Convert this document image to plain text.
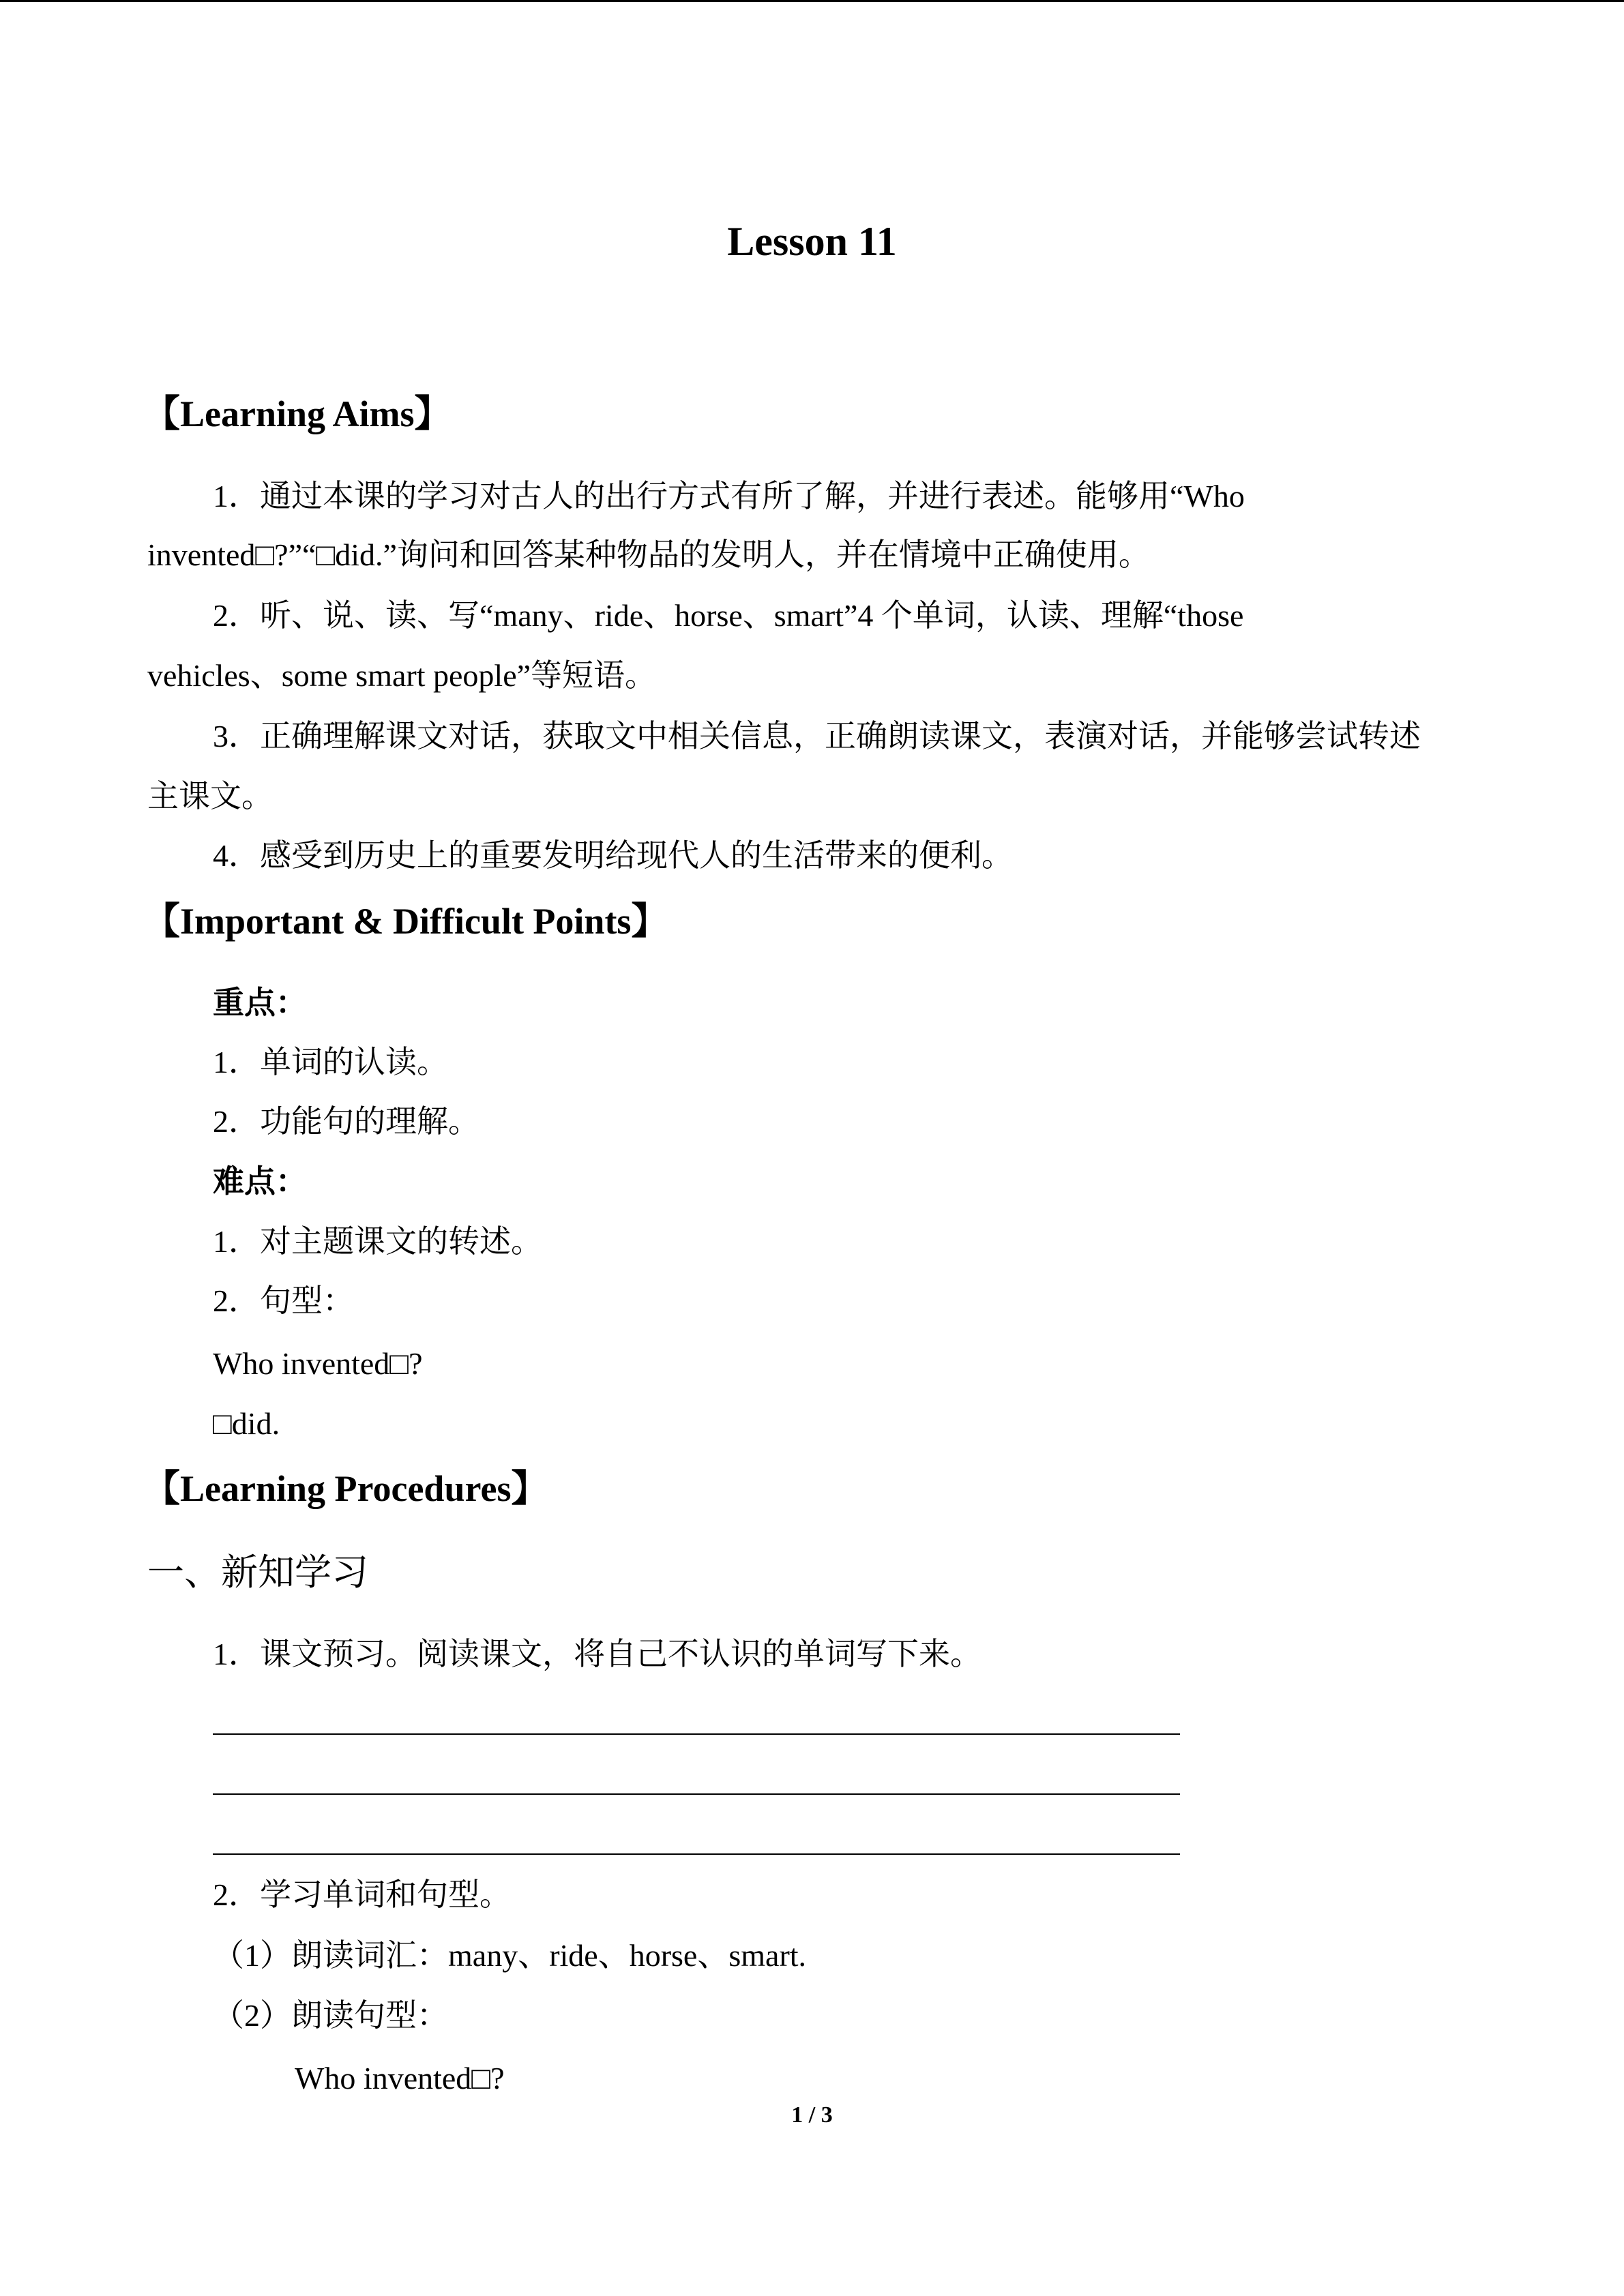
Lesson 11
【Learning Aims】
1．通过本课的学习对古人的出行方式有所了解，并进行表述。能够用“Who
invented□?”“□did.”询问和回答某种物品的发明人，并在情境中正确使用。
2．听、说、读、写“many、ride、horse、smart”4 个单词，认读、理解“those
vehicles、some smart people”等短语。
3．正确理解课文对话，获取文中相关信息，正确朗读课文，表演对话，并能够尝试转述
主课文。
4．感受到历史上的重要发明给现代人的生活带来的便利。
【Important & Difficult Points】
重点：
1．单词的认读。
2．功能句的理解。
难点：
1．对主题课文的转述。
2．句型：
Who invented□?
□did.
【Learning Procedures】
一、新知学习
1．课文预习。阅读课文，将自己不认识的单词写下来。
2．学习单词和句型。
（1）朗读词汇：many、ride、horse、smart.
（2）朗读句型：
Who invented□?
1 / 3
